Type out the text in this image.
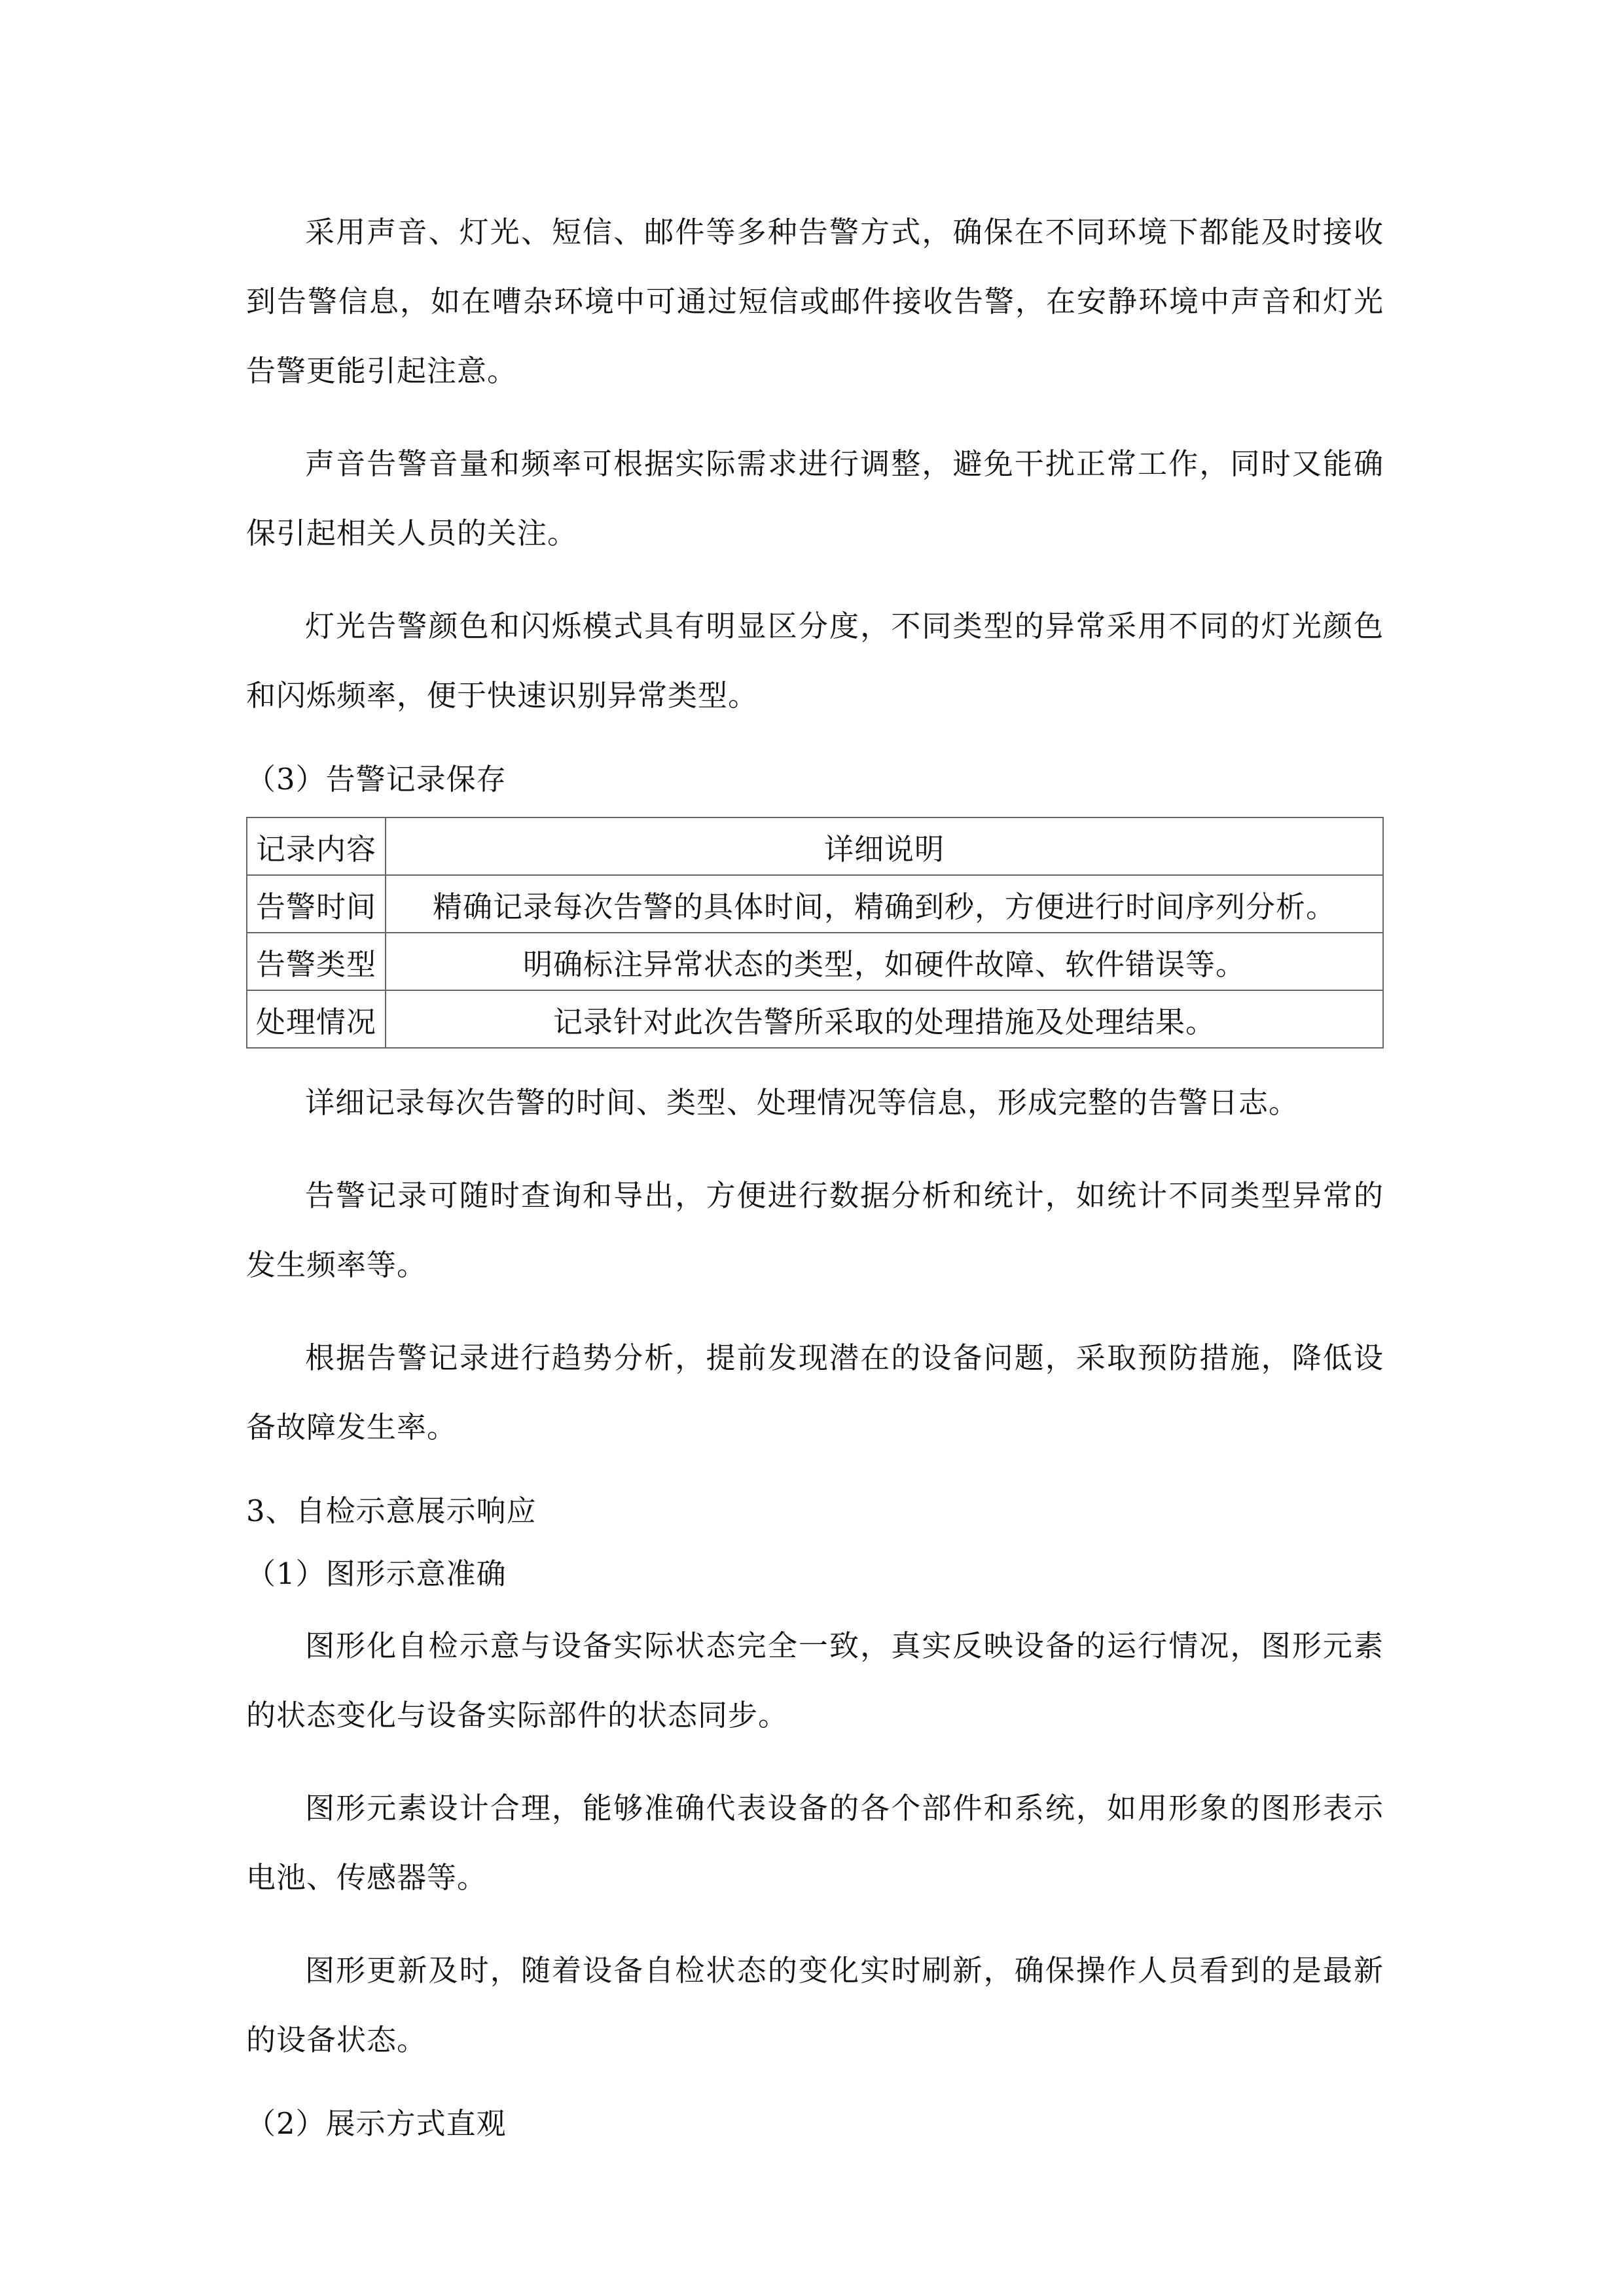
采用声音、灯光、短信、邮件等多种告警方式，确保在不同环境下都能及时接收到告警信息，如在嘈杂环境中可通过短信或邮件接收告警，在安静环境中声音和灯光告警更能引起注意。

声音告警音量和频率可根据实际需求进行调整，避免干扰正常工作，同时又能确保引起相关人员的关注。

灯光告警颜色和闪烁模式具有明显区分度，不同类型的异常采用不同的灯光颜色和闪烁频率，便于快速识别异常类型。

（3）告警记录保存

记录内容	详细说明
告警时间	精确记录每次告警的具体时间，精确到秒，方便进行时间序列分析。
告警类型	明确标注异常状态的类型，如硬件故障、软件错误等。
处理情况	记录针对此次告警所采取的处理措施及处理结果。

详细记录每次告警的时间、类型、处理情况等信息，形成完整的告警日志。

告警记录可随时查询和导出，方便进行数据分析和统计，如统计不同类型异常的发生频率等。

根据告警记录进行趋势分析，提前发现潜在的设备问题，采取预防措施，降低设备故障发生率。

3、自检示意展示响应

（1）图形示意准确

图形化自检示意与设备实际状态完全一致，真实反映设备的运行情况，图形元素的状态变化与设备实际部件的状态同步。

图形元素设计合理，能够准确代表设备的各个部件和系统，如用形象的图形表示电池、传感器等。

图形更新及时，随着设备自检状态的变化实时刷新，确保操作人员看到的是最新的设备状态。

（2）展示方式直观
